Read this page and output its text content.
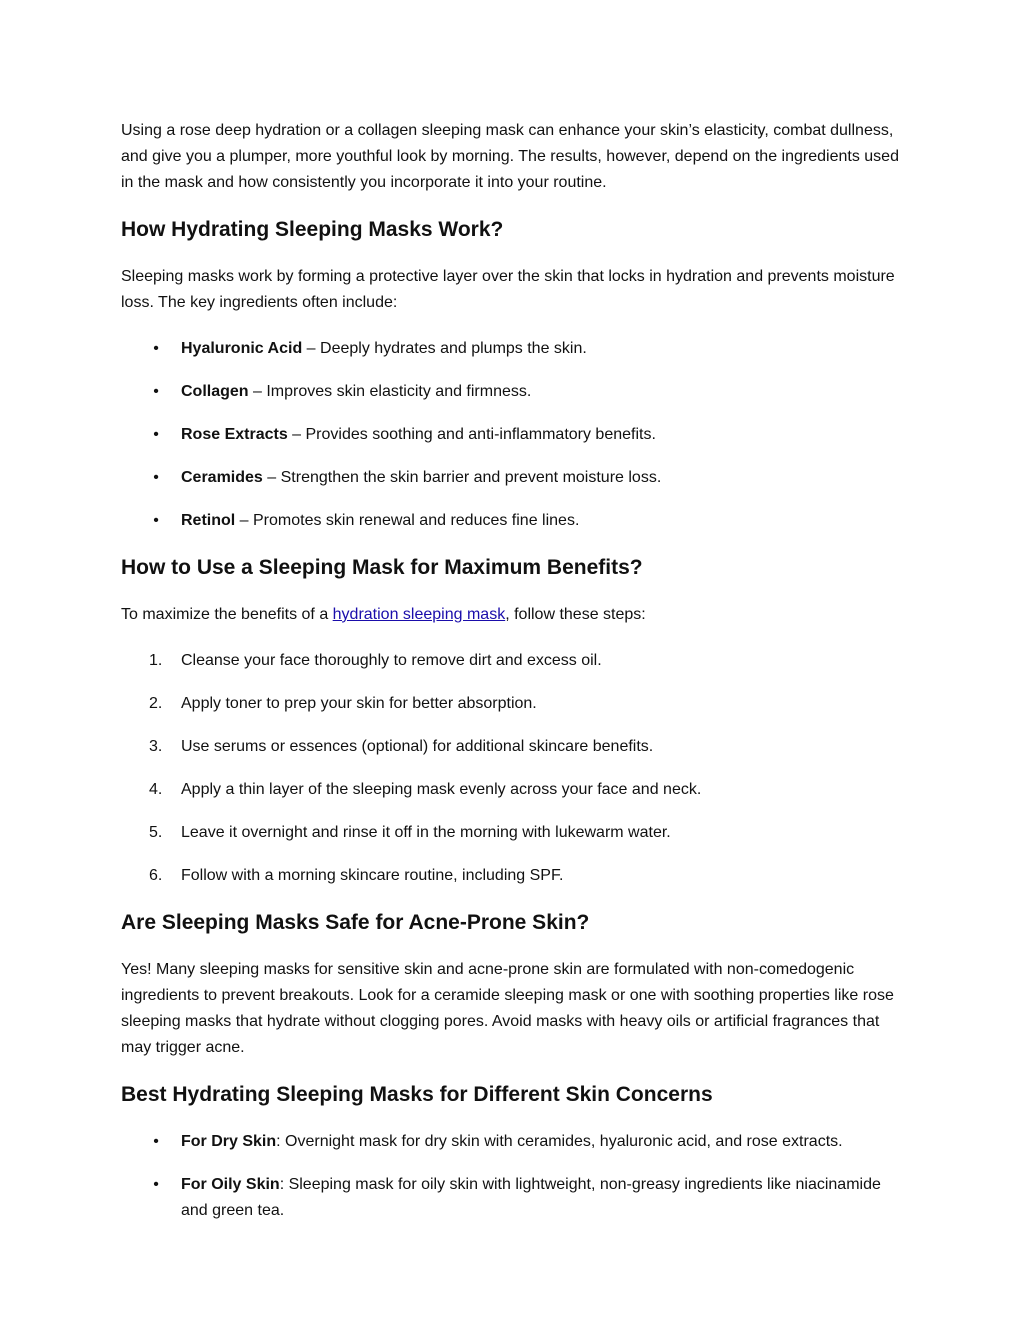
Using a rose deep hydration or a collagen sleeping mask can enhance your skin’s elasticity, combat dullness, and give you a plumper, more youthful look by morning. The results, however, depend on the ingredients used in the mask and how consistently you incorporate it into your routine.

How Hydrating Sleeping Masks Work?

Sleeping masks work by forming a protective layer over the skin that locks in hydration and prevents moisture loss. The key ingredients often include:

• Hyaluronic Acid – Deeply hydrates and plumps the skin.
• Collagen – Improves skin elasticity and firmness.
• Rose Extracts – Provides soothing and anti-inflammatory benefits.
• Ceramides – Strengthen the skin barrier and prevent moisture loss.
• Retinol – Promotes skin renewal and reduces fine lines.
How to Use a Sleeping Mask for Maximum Benefits?

To maximize the benefits of a hydration sleeping mask, follow these steps:

1.	Cleanse your face thoroughly to remove dirt and excess oil.
2.	Apply toner to prep your skin for better absorption.
3.	Use serums or essences (optional) for additional skincare benefits.
4.	Apply a thin layer of the sleeping mask evenly across your face and neck.
5.	Leave it overnight and rinse it off in the morning with lukewarm water.
6.	Follow with a morning skincare routine, including SPF.
Are Sleeping Masks Safe for Acne-Prone Skin?

Yes! Many sleeping masks for sensitive skin and acne-prone skin are formulated with non-comedogenic ingredients to prevent breakouts. Look for a ceramide sleeping mask or one with soothing properties like rose sleeping masks that hydrate without clogging pores. Avoid masks with heavy oils or artificial fragrances that may trigger acne.

Best Hydrating Sleeping Masks for Different Skin Concerns
• For Dry Skin: Overnight mask for dry skin with ceramides, hyaluronic acid, and rose extracts.
• For Oily Skin: Sleeping mask for oily skin with lightweight, non-greasy ingredients like niacinamide and green tea.
